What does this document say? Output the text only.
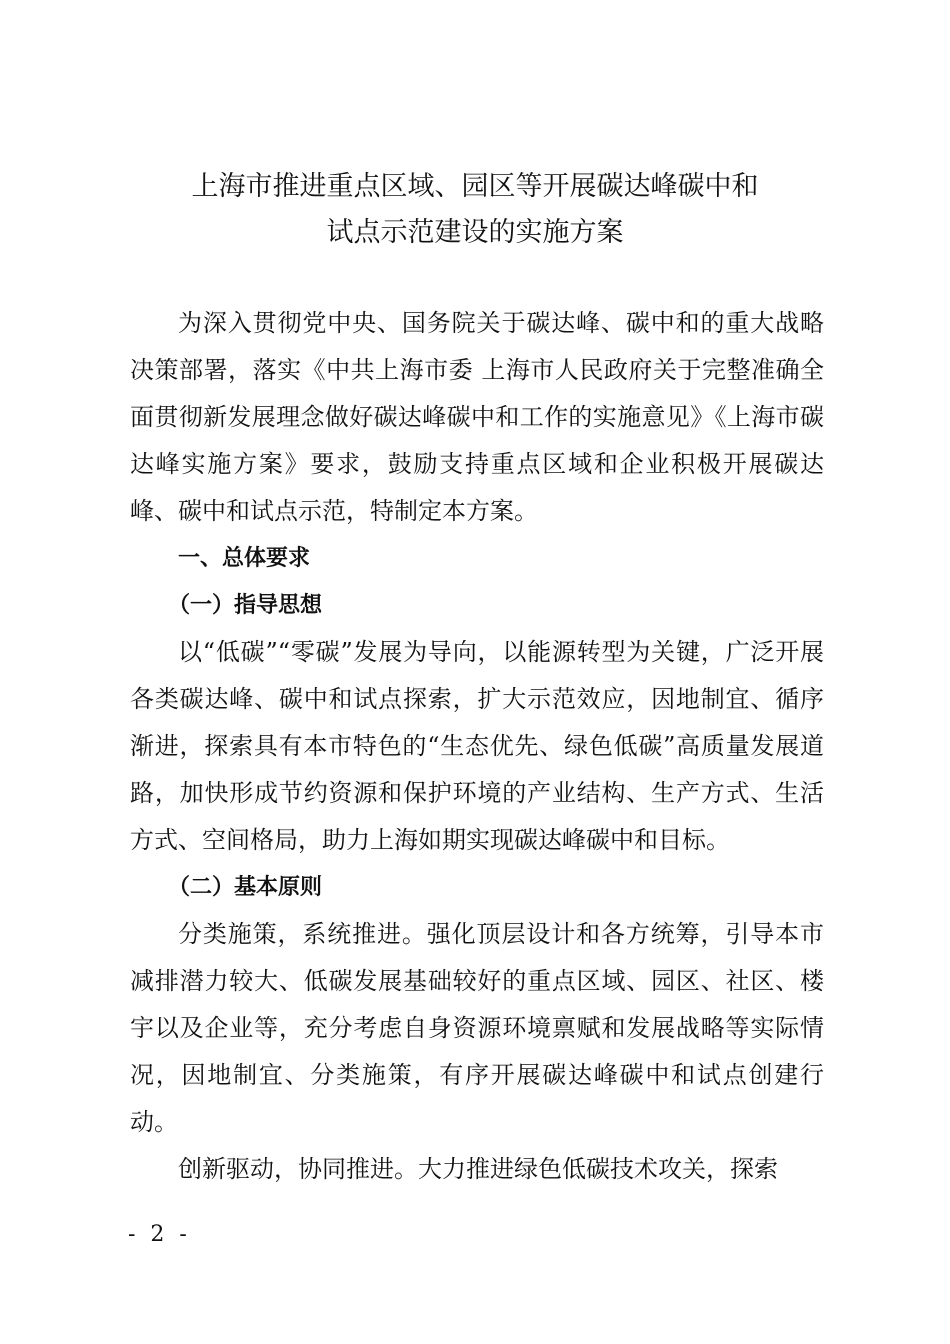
上海市推进重点区域、园区等开展碳达峰碳中和
试点示范建设的实施方案

为深入贯彻党中央、国务院关于碳达峰、碳中和的重大战略决策部署，落实《中共上海市委 上海市人民政府关于完整准确全面贯彻新发展理念做好碳达峰碳中和工作的实施意见》《上海市碳达峰实施方案》要求，鼓励支持重点区域和企业积极开展碳达峰、碳中和试点示范，特制定本方案。

一、总体要求

（一）指导思想

以“低碳”“零碳”发展为导向，以能源转型为关键，广泛开展各类碳达峰、碳中和试点探索，扩大示范效应，因地制宜、循序渐进，探索具有本市特色的“生态优先、绿色低碳”高质量发展道路，加快形成节约资源和保护环境的产业结构、生产方式、生活方式、空间格局，助力上海如期实现碳达峰碳中和目标。

（二）基本原则

分类施策，系统推进。强化顶层设计和各方统筹，引导本市减排潜力较大、低碳发展基础较好的重点区域、园区、社区、楼宇以及企业等，充分考虑自身资源环境禀赋和发展战略等实际情况，因地制宜、分类施策，有序开展碳达峰碳中和试点创建行动。

创新驱动，协同推进。大力推进绿色低碳技术攻关，探索

- 2 -
